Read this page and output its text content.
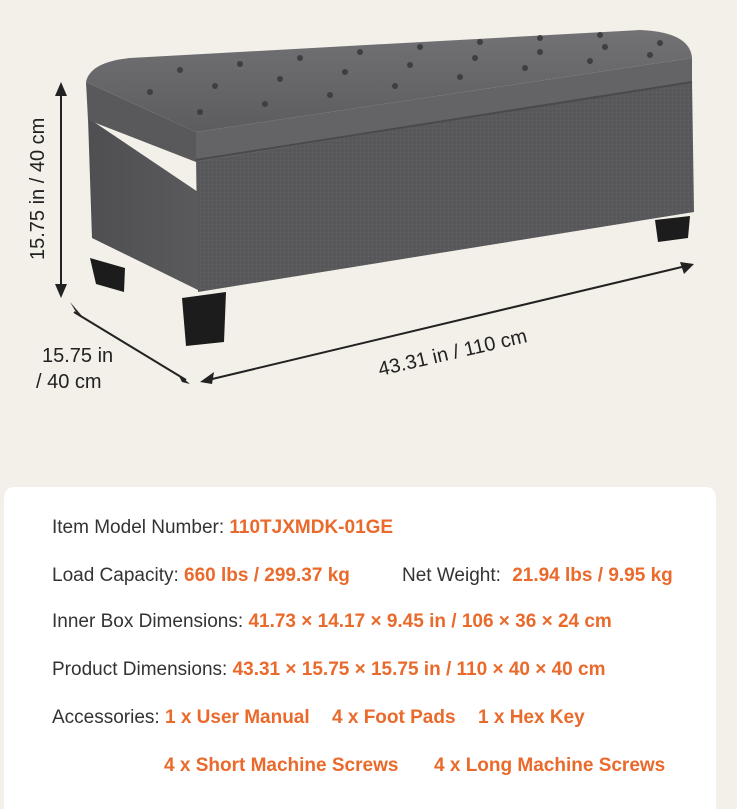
15.75 in / 40 cm
15.75 in
/ 40 cm
43.31 in / 110 cm
Item Model Number: 110TJXMDK-01GE
Load Capacity: 660 lbs / 299.37 kg	Net Weight: 21.94 lbs / 9.95 kg
Inner Box Dimensions: 41.73 × 14.17 × 9.45 in / 106 × 36 × 24 cm
Product Dimensions: 43.31 × 15.75 × 15.75 in / 110 × 40 × 40 cm
Accessories: 1 x User Manual 4 x Foot Pads 1 x Hex Key
4 x Short Machine Screws 4 x Long Machine Screws
